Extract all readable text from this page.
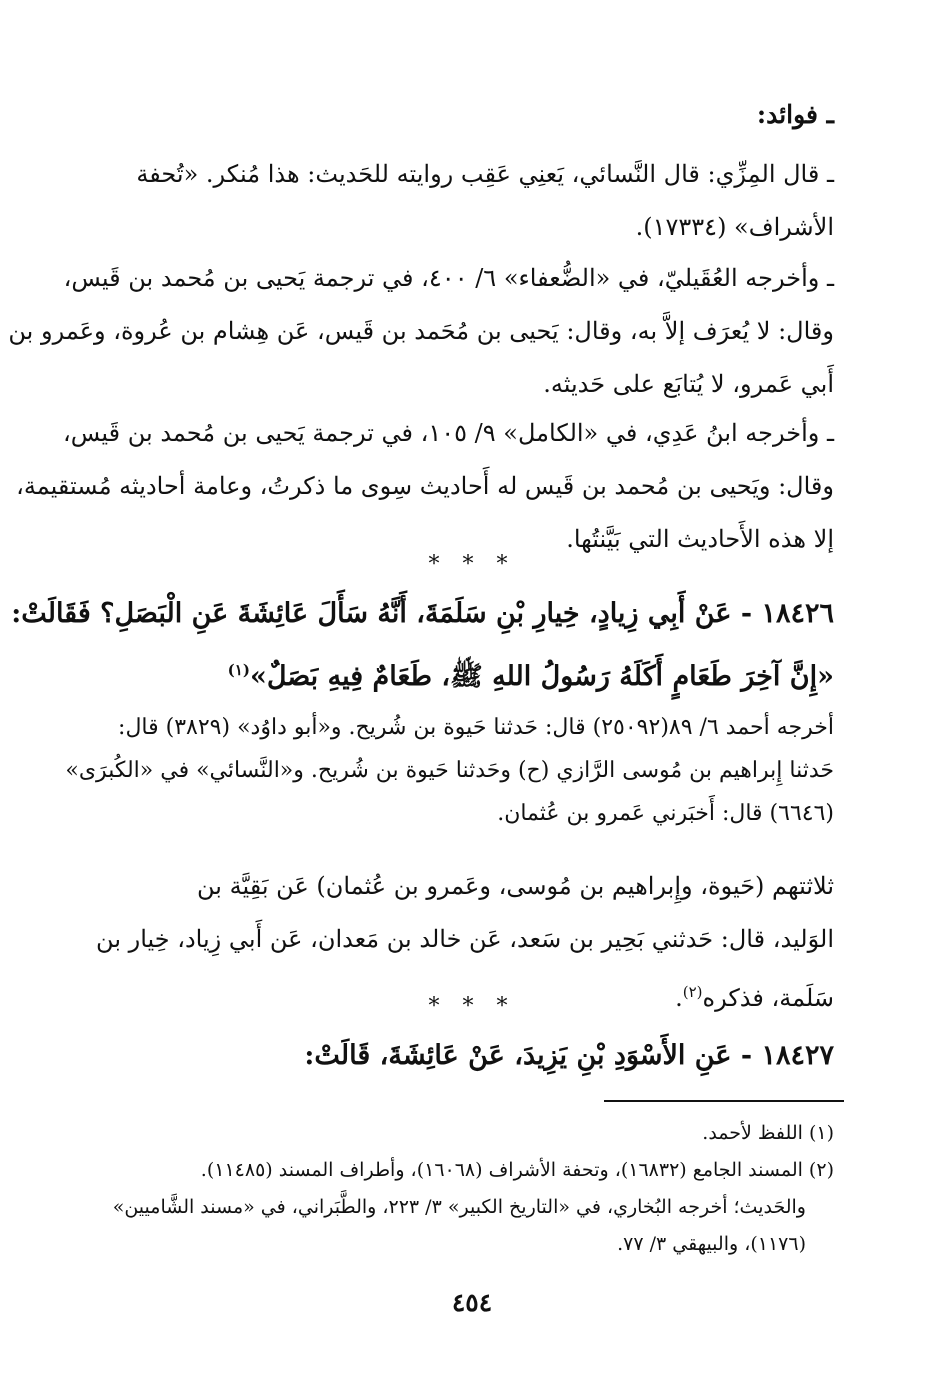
ـ فوائد:
ـ قال المِزِّي: قال النَّسائي، يَعنِي عَقِب روايته للحَديث: هذا مُنكر. «تُحفة
الأشراف» (١٧٣٣٤).
ـ وأخرجه العُقَيليّ، في «الضُّعفاء» ٦/ ٤٠٠، في ترجمة يَحيى بن مُحمد بن قَيس،
وقال: لا يُعرَف إلاَّ به، وقال: يَحيى بن مُحَمد بن قَيس، عَن هِشام بن عُروة، وعَمرو بن
أَبي عَمرو، لا يُتابَع على حَديثه.
ـ وأخرجه ابنُ عَدِي، في «الكامل» ٩/ ١٠٥، في ترجمة يَحيى بن مُحمد بن قَيس،
وقال: ويَحيى بن مُحمد بن قَيس له أَحاديث سِوى ما ذكرتُ، وعامة أحاديثه مُستقيمة،
إلا هذه الأَحاديث التي بَيَّنتُها.
* * *
١٨٤٢٦ - عَنْ أَبِي زِيادٍ، خِيارِ بْنِ سَلَمَةَ، أَنَّهُ سَأَلَ عَائِشَةَ عَنِ الْبَصَلِ؟ فَقَالَتْ:
«إِنَّ آخِرَ طَعَامٍ أَكَلَهُ رَسُولُ اللهِ ﷺ، طَعَامٌ فِيهِ بَصَلٌ»$^{(١)}$
أخرجه أحمد ٦/ ٨٩(٢٥٠٩٢) قال: حَدثنا حَيوة بن شُريح. و«أبو داوُد» (٣٨٢٩) قال:
حَدثنا إِبراهيم بن مُوسى الرَّازي (ح) وحَدثنا حَيوة بن شُريح. و«النَّسائي» في «الكُبرَى»
(٦٦٤٦) قال: أَخبَرني عَمرو بن عُثمان.
ثلاثتهم (حَيوة، وإِبراهيم بن مُوسى، وعَمرو بن عُثمان) عَن بَقِيَّة بن
الوَليد، قال: حَدثني بَحِير بن سَعد، عَن خالد بن مَعدان، عَن أَبي زِياد، خِيار بن
سَلَمة، فذكره$^{(٢)}$.
* * *
١٨٤٢٧ - عَنِ الأَسْوَدِ بْنِ يَزِيدَ، عَنْ عَائِشَةَ، قَالَتْ:
(١) اللفظ لأحمد.
(٢) المسند الجامع (١٦٨٣٢)، وتحفة الأشراف (١٦٠٦٨)، وأطراف المسند (١١٤٨٥).
والحَديث؛ أخرجه البُخاري، في «التاريخ الكبير» ٣/ ٢٢٣، والطَّبَراني، في «مسند الشَّاميين»
(١١٧٦)، والبيهقي ٣/ ٧٧.
٤٥٤
